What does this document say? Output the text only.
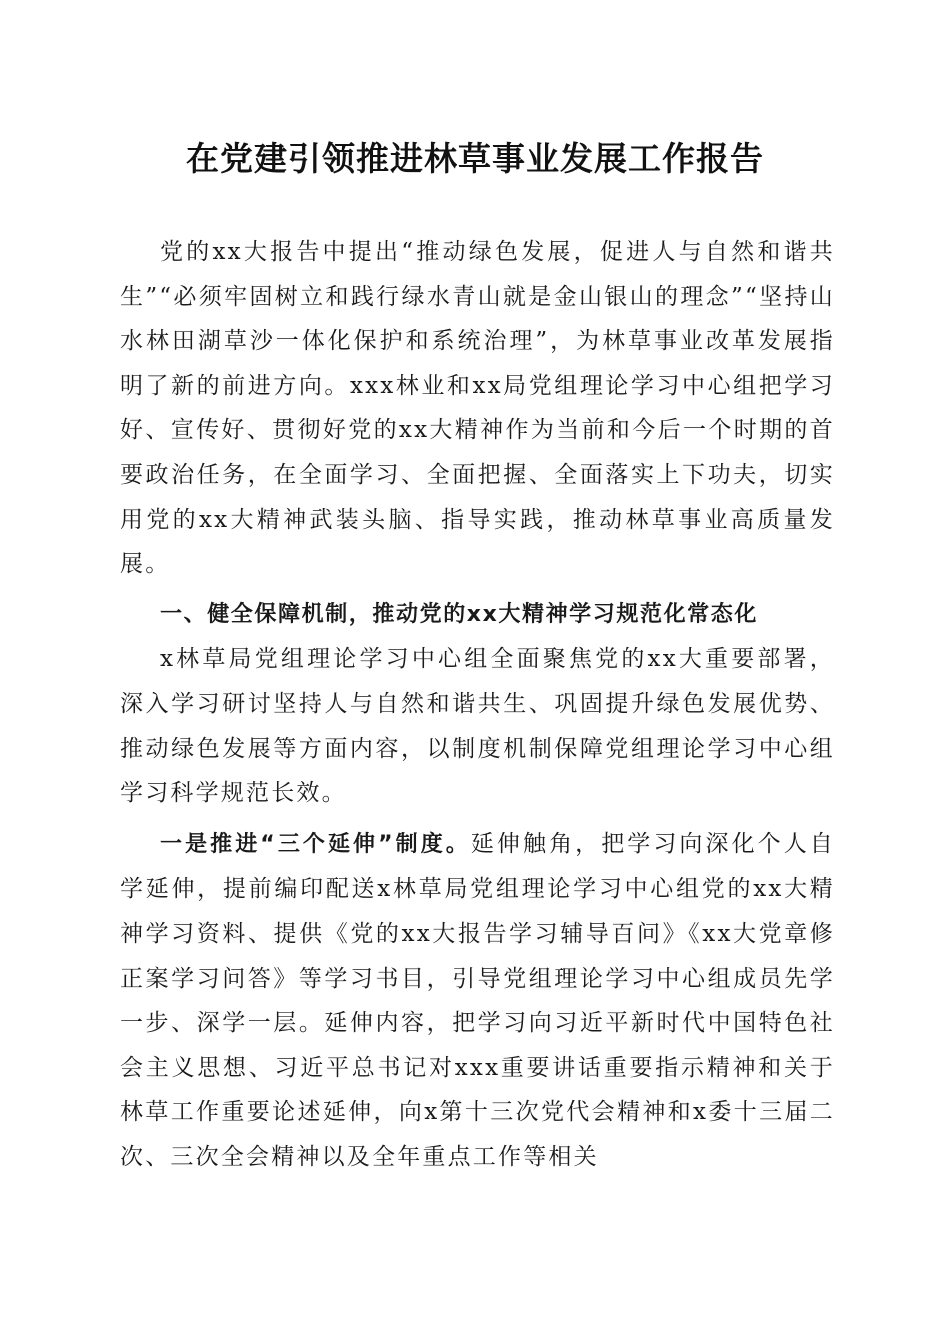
在党建引领推进林草事业发展工作报告

党的xx大报告中提出“推动绿色发展，促进人与自然和谐共生”“必须牢固树立和践行绿水青山就是金山银山的理念”“坚持山水林田湖草沙一体化保护和系统治理”，为林草事业改革发展指明了新的前进方向。xxx林业和xx局党组理论学习中心组把学习好、宣传好、贯彻好党的xx大精神作为当前和今后一个时期的首要政治任务，在全面学习、全面把握、全面落实上下功夫，切实用党的xx大精神武装头脑、指导实践，推动林草事业高质量发展。

一、健全保障机制，推动党的xx大精神学习规范化常态化

x林草局党组理论学习中心组全面聚焦党的xx大重要部署，深入学习研讨坚持人与自然和谐共生、巩固提升绿色发展优势、推动绿色发展等方面内容，以制度机制保障党组理论学习中心组学习科学规范长效。

一是推进“三个延伸”制度。延伸触角，把学习向深化个人自学延伸，提前编印配送x林草局党组理论学习中心组党的xx大精神学习资料、提供《党的xx大报告学习辅导百问》《xx大党章修正案学习问答》等学习书目，引导党组理论学习中心组成员先学一步、深学一层。延伸内容，把学习向习近平新时代中国特色社会主义思想、习近平总书记对xxx重要讲话重要指示精神和关于林草工作重要论述延伸，向x第十三次党代会精神和x委十三届二次、三次全会精神以及全年重点工作等相关
